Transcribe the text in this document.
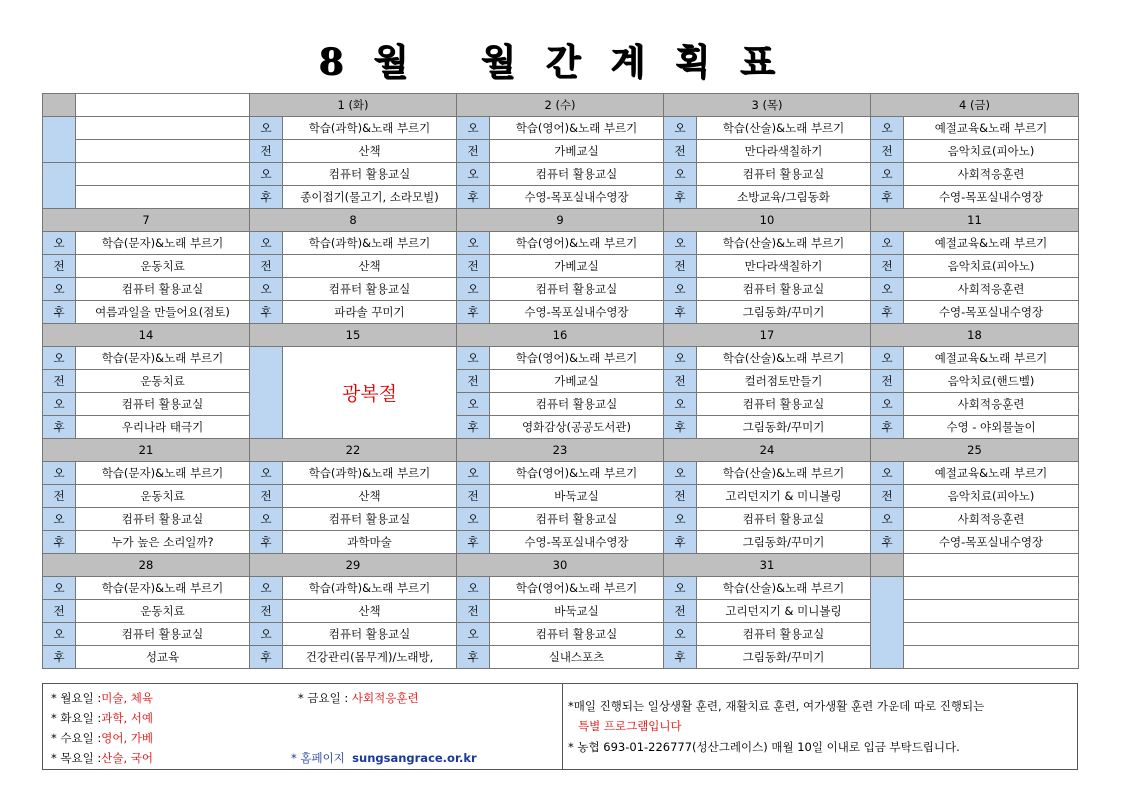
8월 월간계획표
		1 (화)		2 (수)		3 (목)		4 (금)	
		오	학습(과학)&노래 부르기	오	학습(영어)&노래 부르기	오	학습(산술)&노래 부르기	오	예절교육&노래 부르기
		전	산책	전	가베교실	전	만다라색칠하기	전	음악치료(피아노)
		오	컴퓨터 활용교실	오	컴퓨터 활용교실	오	컴퓨터 활용교실	오	사회적응훈련
		후	종이접기(물고기, 소라모빌)	후	수영-목포실내수영장	후	소방교육/그림동화	후	수영-목포실내수영장
7		8		9		10		11	
오	학습(문자)&노래 부르기	오	학습(과학)&노래 부르기	오	학습(영어)&노래 부르기	오	학습(산술)&노래 부르기	오	예절교육&노래 부르기
전	운동치료	전	산책	전	가베교실	전	만다라색칠하기	전	음악치료(피아노)
오	컴퓨터 활용교실	오	컴퓨터 활용교실	오	컴퓨터 활용교실	오	컴퓨터 활용교실	오	사회적응훈련
후	여름과일을 만들어요(점토)	후	파라솔 꾸미기	후	수영-목포실내수영장	후	그림동화/꾸미기	후	수영-목포실내수영장
14		15		16		17		18	
오	학습(문자)&노래 부르기		광복절	오	학습(영어)&노래 부르기	오	학습(산술)&노래 부르기	오	예절교육&노래 부르기
전	운동치료			전	가베교실	전	컬러점토만들기	전	음악치료(핸드벨)
오	컴퓨터 활용교실			오	컴퓨터 활용교실	오	컴퓨터 활용교실	오	사회적응훈련
후	우리나라 태극기			후	영화감상(공공도서관)	후	그림동화/꾸미기	후	수영 - 야외물놀이
21		22		23		24		25	
오	학습(문자)&노래 부르기	오	학습(과학)&노래 부르기	오	학습(영어)&노래 부르기	오	학습(산술)&노래 부르기	오	예절교육&노래 부르기
전	운동치료	전	산책	전	바둑교실	전	고리던지기 & 미니볼링	전	음악치료(피아노)
오	컴퓨터 활용교실	오	컴퓨터 활용교실	오	컴퓨터 활용교실	오	컴퓨터 활용교실	오	사회적응훈련
후	누가 높은 소리일까?	후	과학마술	후	수영-목포실내수영장	후	그림동화/꾸미기	후	수영-목포실내수영장
28		29		30		31			
오	학습(문자)&노래 부르기	오	학습(과학)&노래 부르기	오	학습(영어)&노래 부르기	오	학습(산술)&노래 부르기		
전	운동치료	전	산책	전	바둑교실	전	고리던지기 & 미니볼링		
오	컴퓨터 활용교실	오	컴퓨터 활용교실	오	컴퓨터 활용교실	오	컴퓨터 활용교실		
후	성교육	후	건강관리(몸무게)/노래방,	후	실내스포츠	후	그림동화/꾸미기		
* 월요일 :미술, 체육
* 화요일 :과학, 서예
* 수요일 :영어, 가베
* 목요일 :산술, 국어
* 금요일 : 사회적응훈련
* 홈페이지 sungsangrace.or.kr
*매일 진행되는 일상생활 훈련, 재활치료 훈련, 여가생활 훈련 가운데 따로 진행되는
특별 프로그램입니다
* 농협 693-01-226777(성산그레이스) 매월 10일 이내로 입금 부탁드립니다.
